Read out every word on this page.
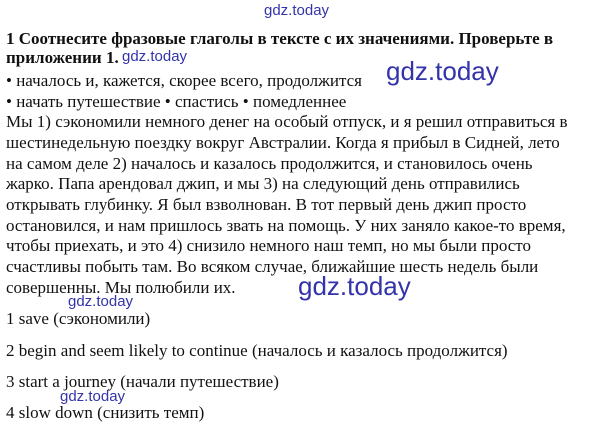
gdz.today
gdz.today	gdz.today
gdz.today
gdz.today
gdz.today
1 Соотнесите фразовые глаголы в тексте с их значениями. Проверьте в
приложении 1.
• началось и, кажется, скорее всего, продолжится
• начать путешествие • спастись • помедленнее
Мы 1) сэкономили немного денег на особый отпуск, и я решил отправиться в
шестинедельную поездку вокруг Австралии. Когда я прибыл в Сидней, лето
на самом деле 2) началось и казалось продолжится, и становилось очень
жарко. Папа арендовал джип, и мы 3) на следующий день отправились
открывать глубинку. Я был взволнован. В тот первый день джип просто
остановился, и нам пришлось звать на помощь. У них заняло какое-то время,
чтобы приехать, и это 4) снизило немного наш темп, но мы были просто
счастливы побыть там. Во всяком случае, ближайшие шесть недель были
совершенны. Мы полюбили их.
1 save (сэкономили)
2 begin and seem likely to continue (началось и казалось продолжится)
3 start a journey (начали путешествие)
4 slow down (снизить темп)
